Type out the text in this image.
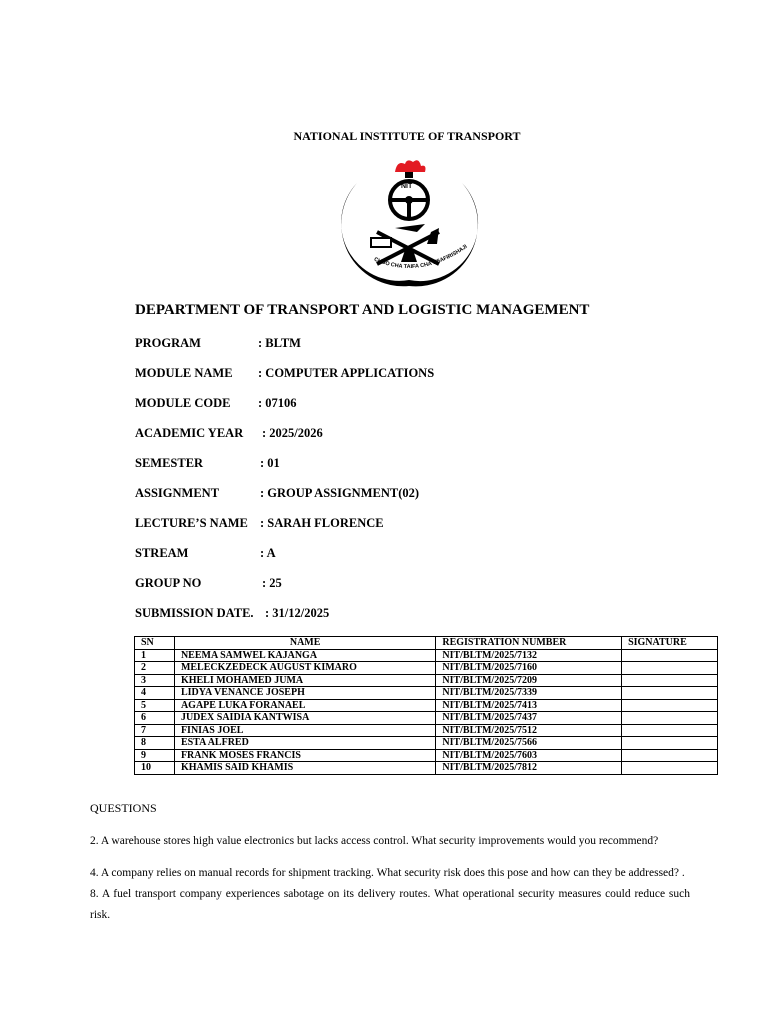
NATIONAL INSTITUTE OF TRANSPORT
NIT
CHUO CHA TAIFA CHA USAFIRISHAJI
DEPARTMENT OF TRANSPORT AND LOGISTIC MANAGEMENT
PROGRAM	: BLTM
MODULE NAME : COMPUTER APPLICATIONS
MODULE CODE : 07106
ACADEMIC YEAR : 2025/2026
SEMESTER	: 01
ASSIGNMENT	: GROUP ASSIGNMENT(02)
LECTURE’S NAME : SARAH FLORENCE
STREAM	: A
GROUP NO	: 25
SUBMISSION DATE. : 31/12/2025
SN	NAME	REGISTRATION NUMBER	SIGNATURE
1	NEEMA SAMWEL KAJANGA	NIT/BLTM/2025/7132	
2	MELECKZEDECK AUGUST KIMARO	NIT/BLTM/2025/7160	
3	KHELI MOHAMED JUMA	NIT/BLTM/2025/7209	
4	LIDYA VENANCE JOSEPH	NIT/BLTM/2025/7339	
5	AGAPE LUKA FORANAEL	NIT/BLTM/2025/7413	
6	JUDEX SAIDIA KANTWISA	NIT/BLTM/2025/7437	
7	FINIAS JOEL	NIT/BLTM/2025/7512	
8	ESTA ALFRED	NIT/BLTM/2025/7566	
9	FRANK MOSES FRANCIS	NIT/BLTM/2025/7603	
10	KHAMIS SAID KHAMIS	NIT/BLTM/2025/7812	
QUESTIONS
2. A warehouse stores high value electronics but lacks access control. What security improvements would you recommend?
4. A company relies on manual records for shipment tracking. What security risk does this pose and how can they be addressed? .
8. A fuel transport company experiences sabotage on its delivery routes. What operational security measures could reduce such risk.
